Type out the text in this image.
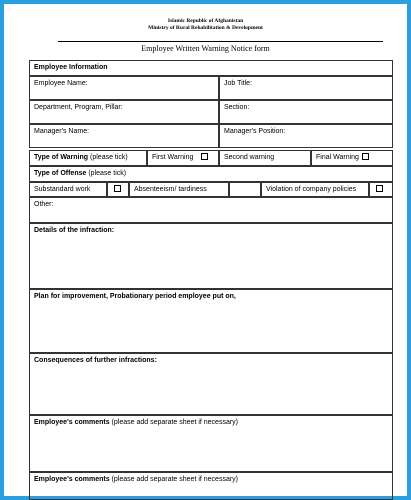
Islamic Republic of Afghanistan
Ministry of Rural Rehabilitation & Development
Employee Written Warning Notice form
Employee Information
Employee Name:	Job Title:
Department, Program, Pillar:	Section:
Manager's Name:	Manager's Position:
Type of Warning (please tick)	First Warning	Second warning	Final Warning
Type of Offense (please tick)
Substandard work	Absenteeism/ tardiness	Violation of company policies
Other:
Details of the infraction:
Plan for improvement, Probationary period employee put on,
Consequences of further infractions:
Employee's comments (please add separate sheet if necessary)
Employee's comments (please add separate sheet if necessary)
